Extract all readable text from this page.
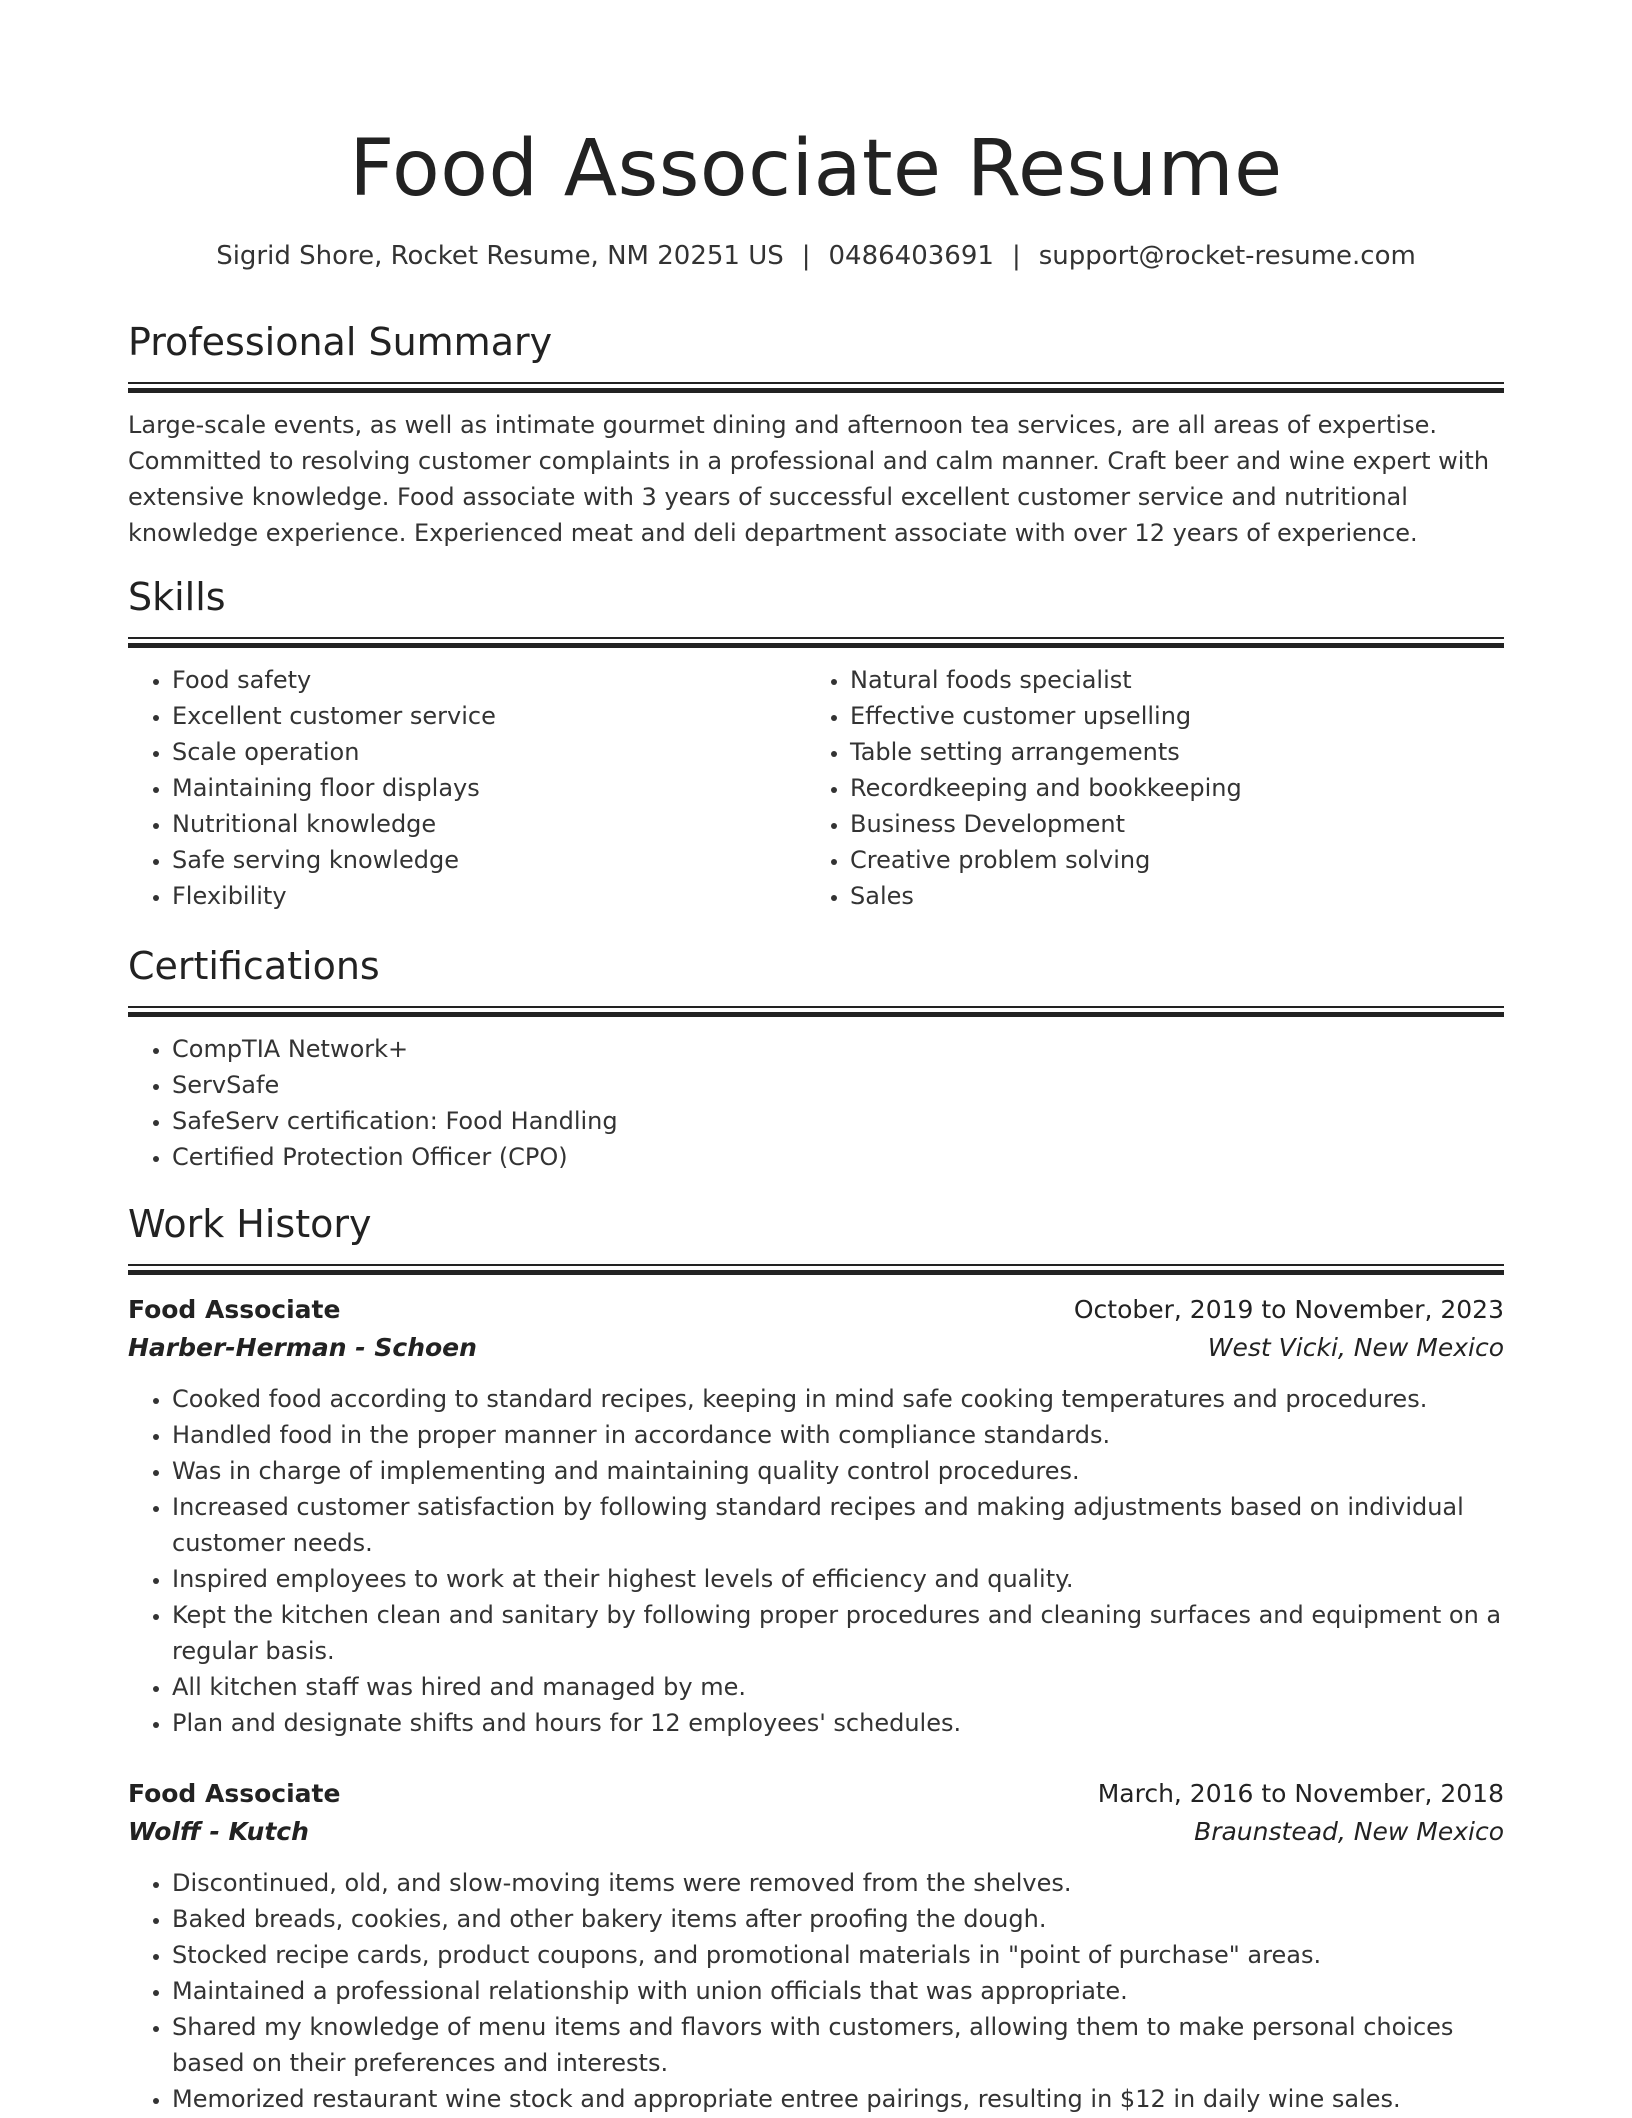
Food Associate Resume
Sigrid Shore, Rocket Resume, NM 20251 US | 0486403691 | support@rocket-resume.com
Professional Summary

Large-scale events, as well as intimate gourmet dining and afternoon tea services, are all areas of expertise. Committed to resolving customer complaints in a professional and calm manner. Craft beer and wine expert with extensive knowledge. Food associate with 3 years of successful excellent customer service and nutritional knowledge experience. Experienced meat and deli department associate with over 12 years of experience.

Skills
• Food safety
• Excellent customer service
• Scale operation
• Maintaining floor displays
• Nutritional knowledge
• Safe serving knowledge
• Flexibility
• Natural foods specialist
• Effective customer upselling
• Table setting arrangements
• Recordkeeping and bookkeeping
• Business Development
• Creative problem solving
• Sales
Certifications
• CompTIA Network+
• ServSafe
• SafeServ certification: Food Handling
• Certified Protection Officer (CPO)
Work History
Food Associate	October, 2019 to November, 2023
Harber-Herman - Schoen	West Vicki, New Mexico
• Cooked food according to standard recipes, keeping in mind safe cooking temperatures and procedures.
• Handled food in the proper manner in accordance with compliance standards.
• Was in charge of implementing and maintaining quality control procedures.
• Increased customer satisfaction by following standard recipes and making adjustments based on individual customer needs.
• Inspired employees to work at their highest levels of efficiency and quality.
• Kept the kitchen clean and sanitary by following proper procedures and cleaning surfaces and equipment on a regular basis.
• All kitchen staff was hired and managed by me.
• Plan and designate shifts and hours for 12 employees' schedules.
Food Associate	March, 2016 to November, 2018
Wolff - Kutch	Braunstead, New Mexico
• Discontinued, old, and slow-moving items were removed from the shelves.
• Baked breads, cookies, and other bakery items after proofing the dough.
• Stocked recipe cards, product coupons, and promotional materials in "point of purchase" areas.
• Maintained a professional relationship with union officials that was appropriate.
• Shared my knowledge of menu items and flavors with customers, allowing them to make personal choices based on their preferences and interests.
• Memorized restaurant wine stock and appropriate entree pairings, resulting in $12 in daily wine sales.
